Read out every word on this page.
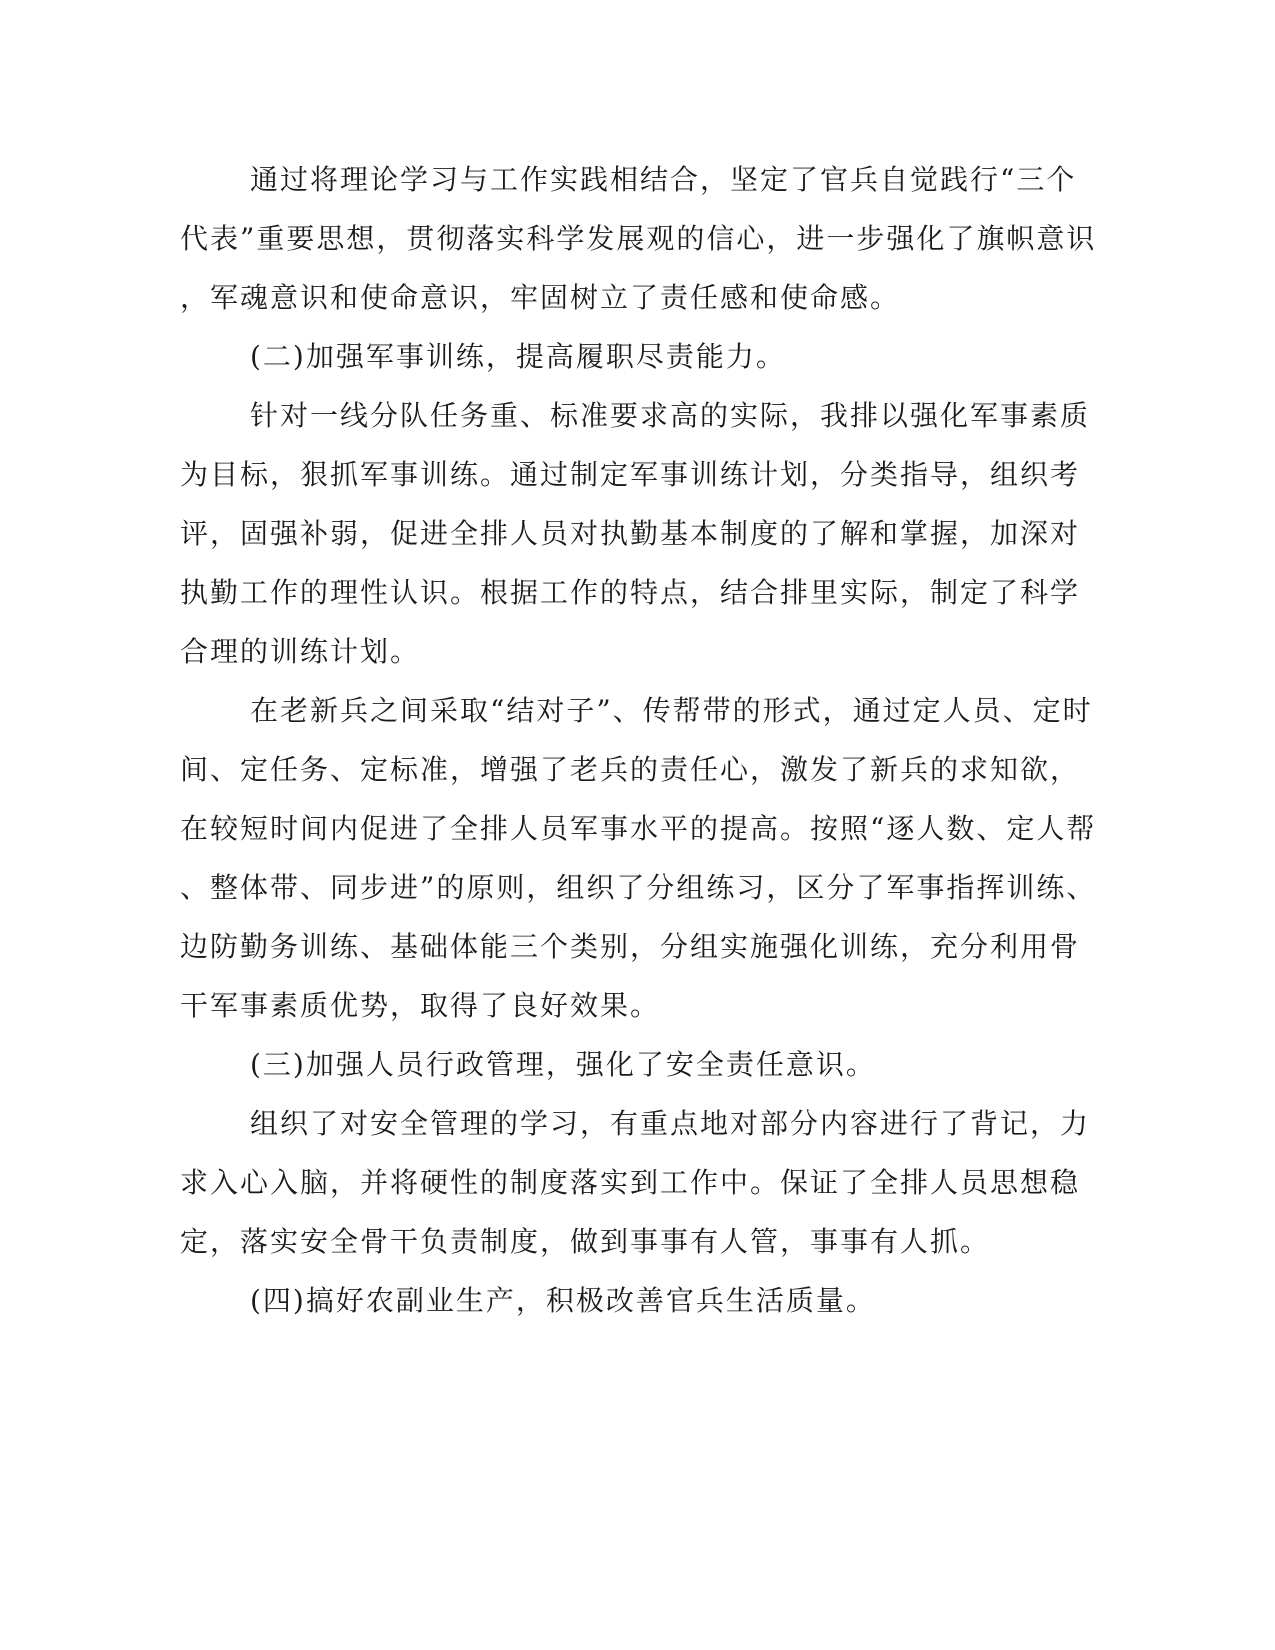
通过将理论学习与工作实践相结合，坚定了官兵自觉践行“三个
代表”重要思想，贯彻落实科学发展观的信心，进一步强化了旗帜意识
，军魂意识和使命意识，牢固树立了责任感和使命感。
(二)加强军事训练，提高履职尽责能力。
针对一线分队任务重、标准要求高的实际，我排以强化军事素质
为目标，狠抓军事训练。通过制定军事训练计划，分类指导，组织考
评，固强补弱，促进全排人员对执勤基本制度的了解和掌握，加深对
执勤工作的理性认识。根据工作的特点，结合排里实际，制定了科学
合理的训练计划。
在老新兵之间采取“结对子”、传帮带的形式，通过定人员、定时
间、定任务、定标准，增强了老兵的责任心，激发了新兵的求知欲，
在较短时间内促进了全排人员军事水平的提高。按照“逐人数、定人帮
、整体带、同步进”的原则，组织了分组练习，区分了军事指挥训练、
边防勤务训练、基础体能三个类别，分组实施强化训练，充分利用骨
干军事素质优势，取得了良好效果。
(三)加强人员行政管理，强化了安全责任意识。
组织了对安全管理的学习，有重点地对部分内容进行了背记，力
求入心入脑，并将硬性的制度落实到工作中。保证了全排人员思想稳
定，落实安全骨干负责制度，做到事事有人管，事事有人抓。
(四)搞好农副业生产，积极改善官兵生活质量。
